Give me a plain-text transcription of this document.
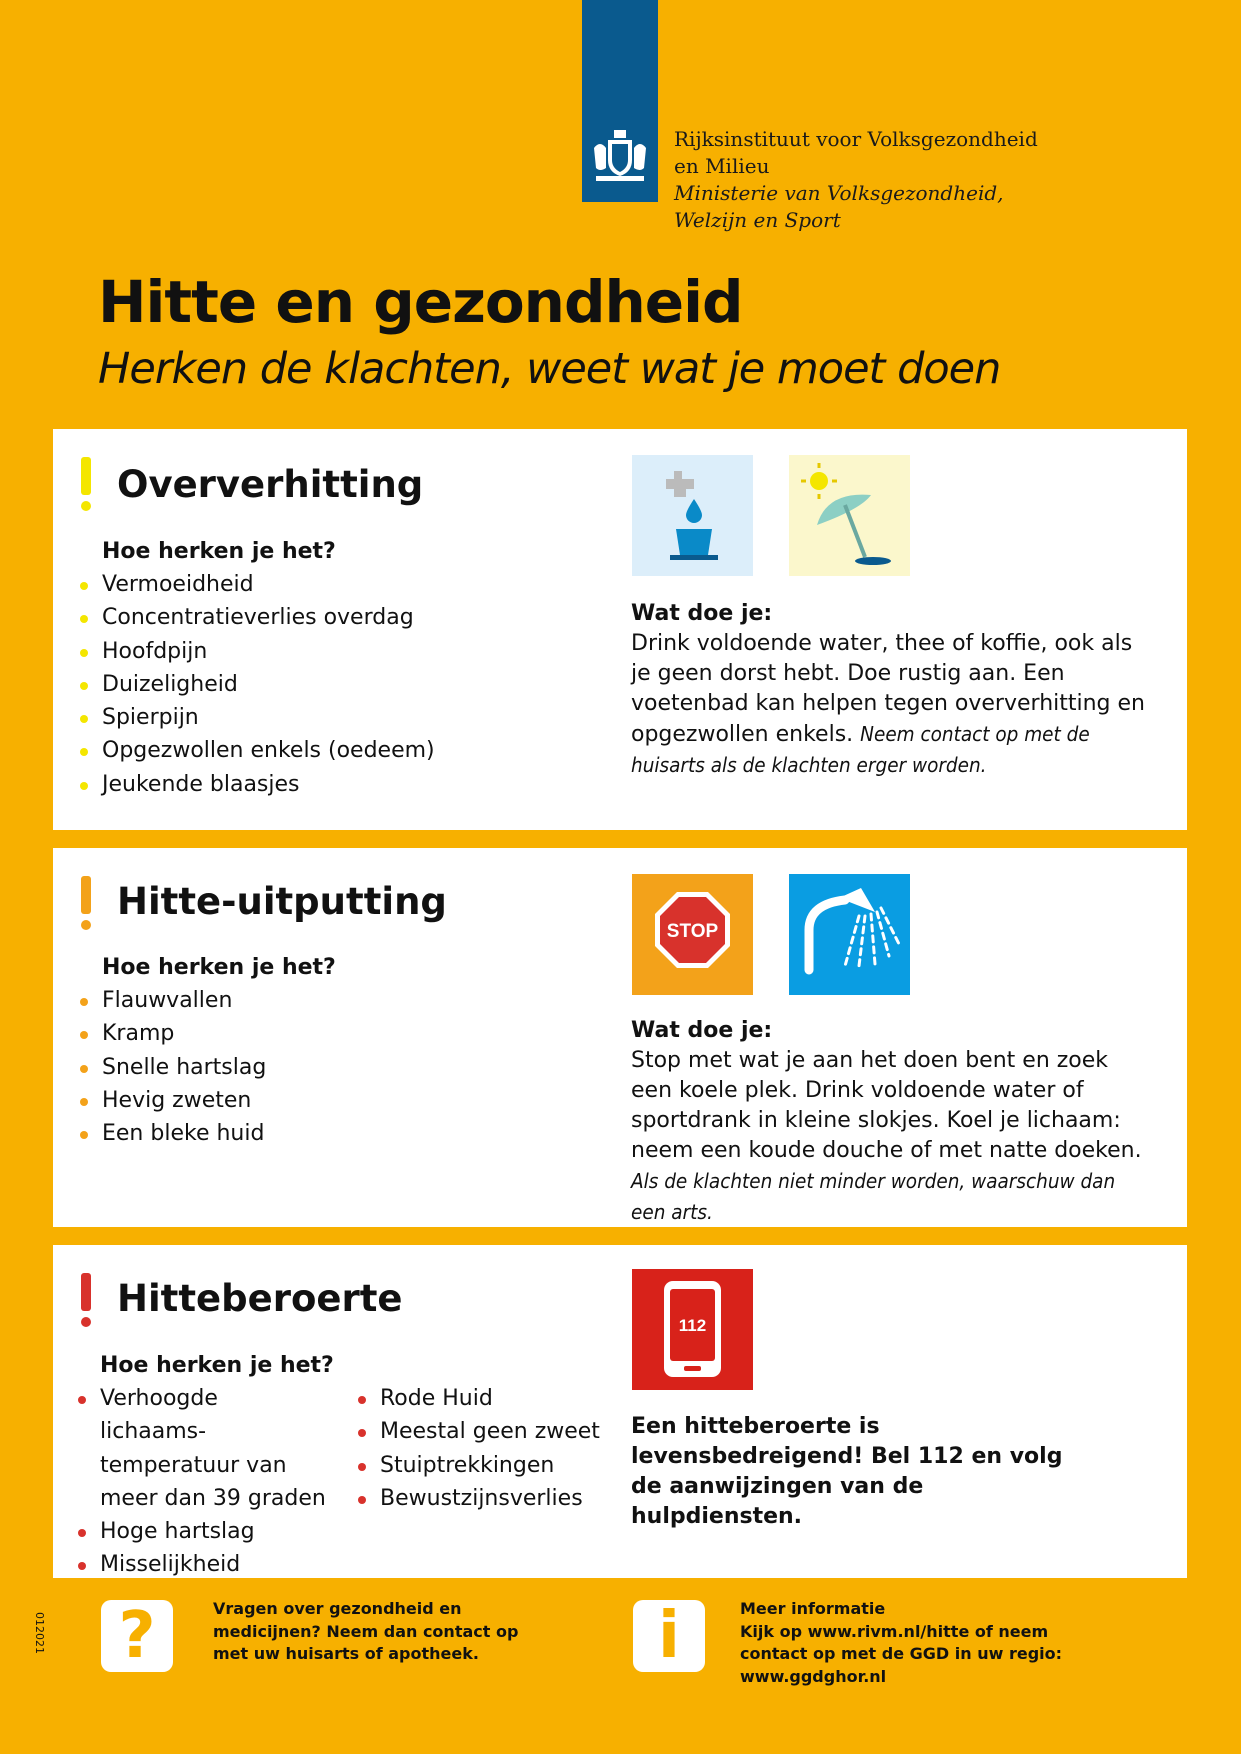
Rijksinstituut voor Volksgezondheid
en Milieu
Ministerie van Volksgezondheid,
Welzijn en Sport
Hitte en gezondheid
Herken de klachten, weet wat je moet doen
Oververhitting
Hoe herken je het?
Vermoeidheid
Concentratieverlies overdag
Hoofdpijn
Duizeligheid
Spierpijn
Opgezwollen enkels (oedeem)
Jeukende blaasjes
Wat doe je:
Drink voldoende water, thee of koffie, ook als je geen dorst hebt. Doe rustig aan. Een voetenbad kan helpen tegen oververhitting en opgezwollen enkels. Neem contact op met de huisarts als de klachten erger worden.
Hitte-uitputting
Hoe herken je het?
Flauwvallen
Kramp
Snelle hartslag
Hevig zweten
Een bleke huid
STOP
Wat doe je:
Stop met wat je aan het doen bent en zoek een koele plek. Drink voldoende water of sportdrank in kleine slokjes. Koel je lichaam: neem een koude douche of met natte doeken. Als de klachten niet minder worden, waarschuw dan een arts.
Hitteberoerte
Hoe herken je het?
Verhoogde lichaams-temperatuur van meer dan 39 graden
Hoge hartslag
Misselijkheid
Rode Huid
Meestal geen zweet
Stuiptrekkingen
Bewustzijnsverlies
112
Een hitteberoerte is levensbedreigend! Bel 112 en volg de aanwijzingen van de hulpdiensten.
012021 ?	Vragen over gezondheid en medicijnen? Neem dan contact op met uw huisarts of apotheek.	i	Meer informatie
Kijk op www.rivm.nl/hitte of neem contact op met de GGD in uw regio: www.ggdghor.nl
